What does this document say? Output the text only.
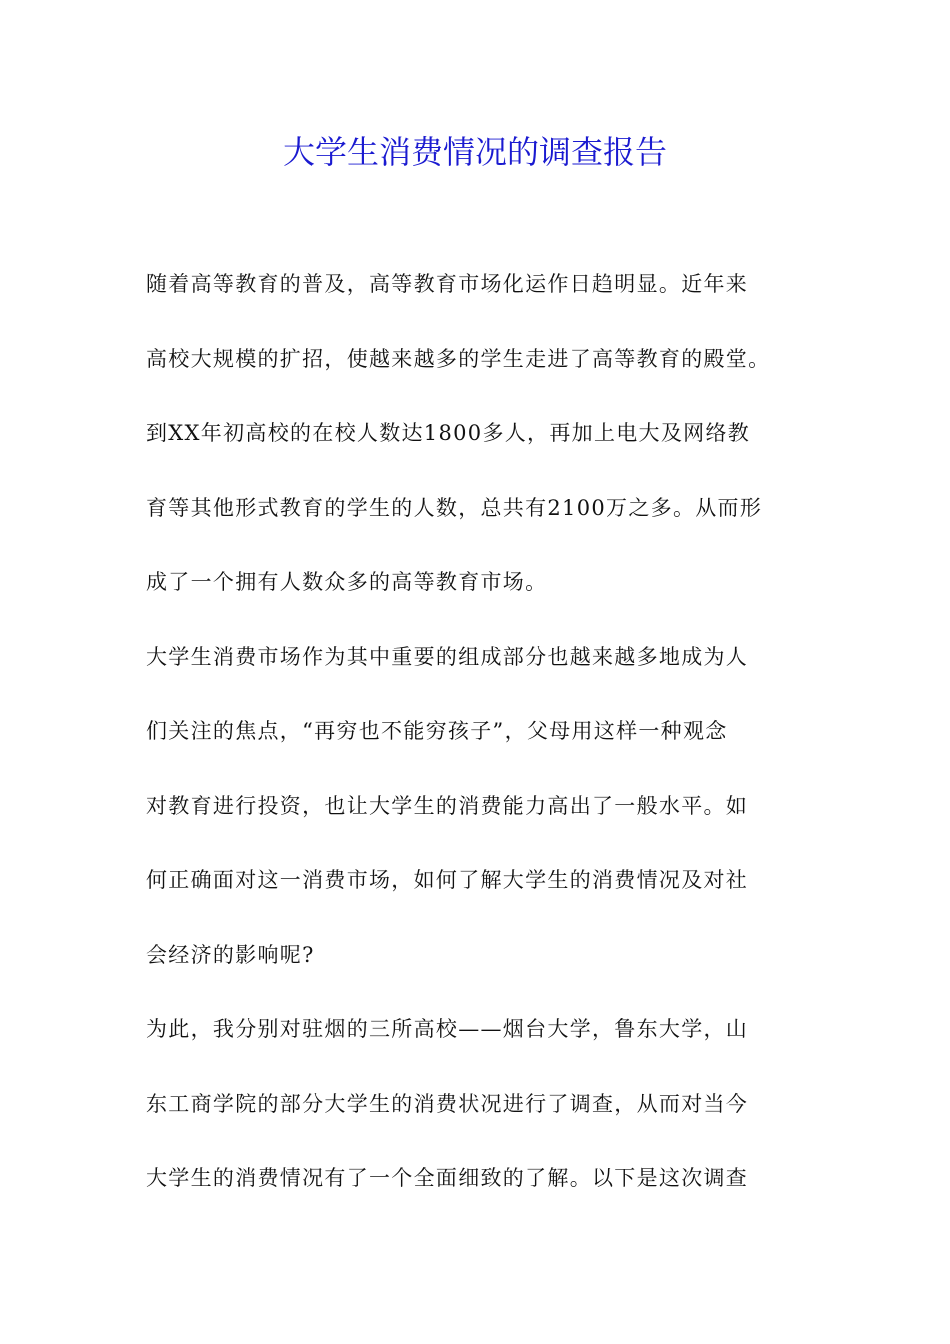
大学生消费情况的调查报告
随着高等教育的普及，高等教育市场化运作日趋明显。近年来
高校大规模的扩招，使越来越多的学生走进了高等教育的殿堂。
到XX年初高校的在校人数达1800多人，再加上电大及网络教
育等其他形式教育的学生的人数，总共有2100万之多。从而形
成了一个拥有人数众多的高等教育市场。
大学生消费市场作为其中重要的组成部分也越来越多地成为人
们关注的焦点，“再穷也不能穷孩子”，父母用这样一种观念
对教育进行投资，也让大学生的消费能力高出了一般水平。如
何正确面对这一消费市场，如何了解大学生的消费情况及对社
会经济的影响呢?
为此，我分别对驻烟的三所高校——烟台大学，鲁东大学，山
东工商学院的部分大学生的消费状况进行了调查，从而对当今
大学生的消费情况有了一个全面细致的了解。以下是这次调查
